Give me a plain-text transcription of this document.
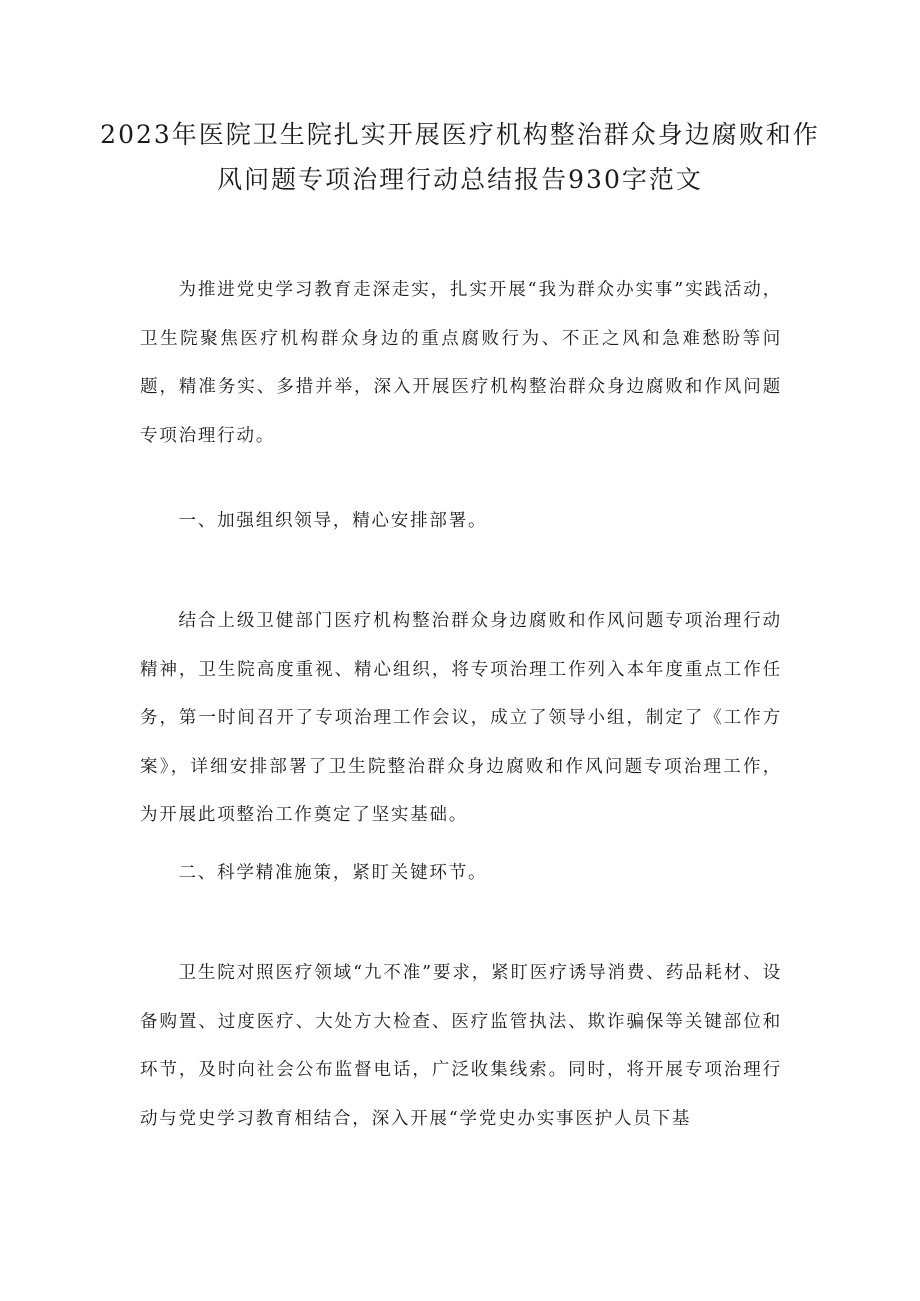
2023年医院卫生院扎实开展医疗机构整治群众身边腐败和作风问题专项治理行动总结报告930字范文

为推进党史学习教育走深走实，扎实开展“我为群众办实事”实践活动，卫生院聚焦医疗机构群众身边的重点腐败行为、不正之风和急难愁盼等问题，精准务实、多措并举，深入开展医疗机构整治群众身边腐败和作风问题专项治理行动。

一、加强组织领导，精心安排部署。

结合上级卫健部门医疗机构整治群众身边腐败和作风问题专项治理行动精神，卫生院高度重视、精心组织，将专项治理工作列入本年度重点工作任务，第一时间召开了专项治理工作会议，成立了领导小组，制定了《工作方案》，详细安排部署了卫生院整治群众身边腐败和作风问题专项治理工作，为开展此项整治工作奠定了坚实基础。

二、科学精准施策，紧盯关键环节。

卫生院对照医疗领域“九不准”要求，紧盯医疗诱导消费、药品耗材、设备购置、过度医疗、大处方大检查、医疗监管执法、欺诈骗保等关键部位和环节，及时向社会公布监督电话，广泛收集线索。同时，将开展专项治理行动与党史学习教育相结合，深入开展“学党史办实事医护人员下基
